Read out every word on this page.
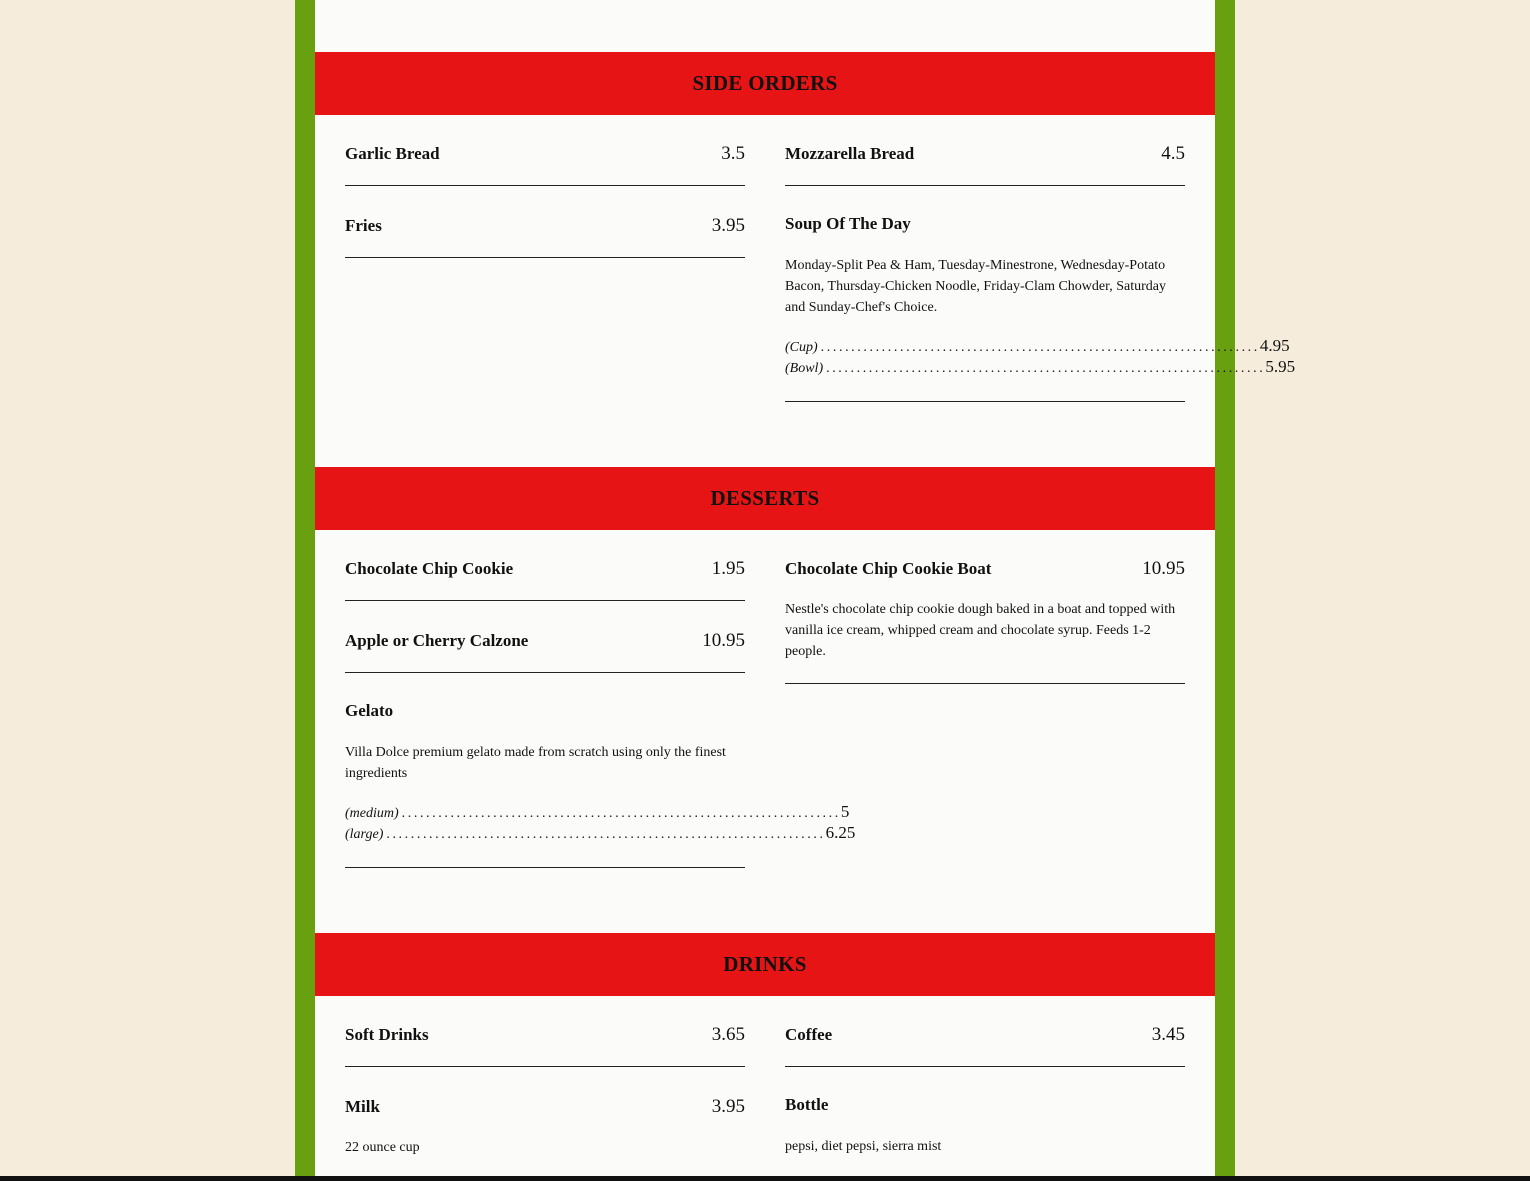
SIDE ORDERS
Garlic Bread	3.5 Mozzarella Bread	4.5
Fries	3.95 Soup Of The Day
Monday-Split Pea & Ham, Tuesday-Minestrone, Wednesday-Potato Bacon, Thursday-Chicken Noodle, Friday-Clam Chowder, Saturday and Sunday-Chef's Choice.
(Cup) ........................................................................ 4.95
(Bowl) ........................................................................ 5.95
DESSERTS
Chocolate Chip Cookie	1.95 Chocolate Chip Cookie Boat	10.95
Nestle's chocolate chip cookie dough baked in a boat and topped with vanilla ice cream, whipped cream and chocolate syrup. Feeds 1-2 people.
Apple or Cherry Calzone	10.95
Gelato
Villa Dolce premium gelato made from scratch using only the finest ingredients
(medium) ........................................................................ 5
(large) ........................................................................ 6.25
DRINKS
Soft Drinks	3.65 Coffee	3.45
Milk	3.95
22 ounce cup
Bottle
pepsi, diet pepsi, sierra mist
